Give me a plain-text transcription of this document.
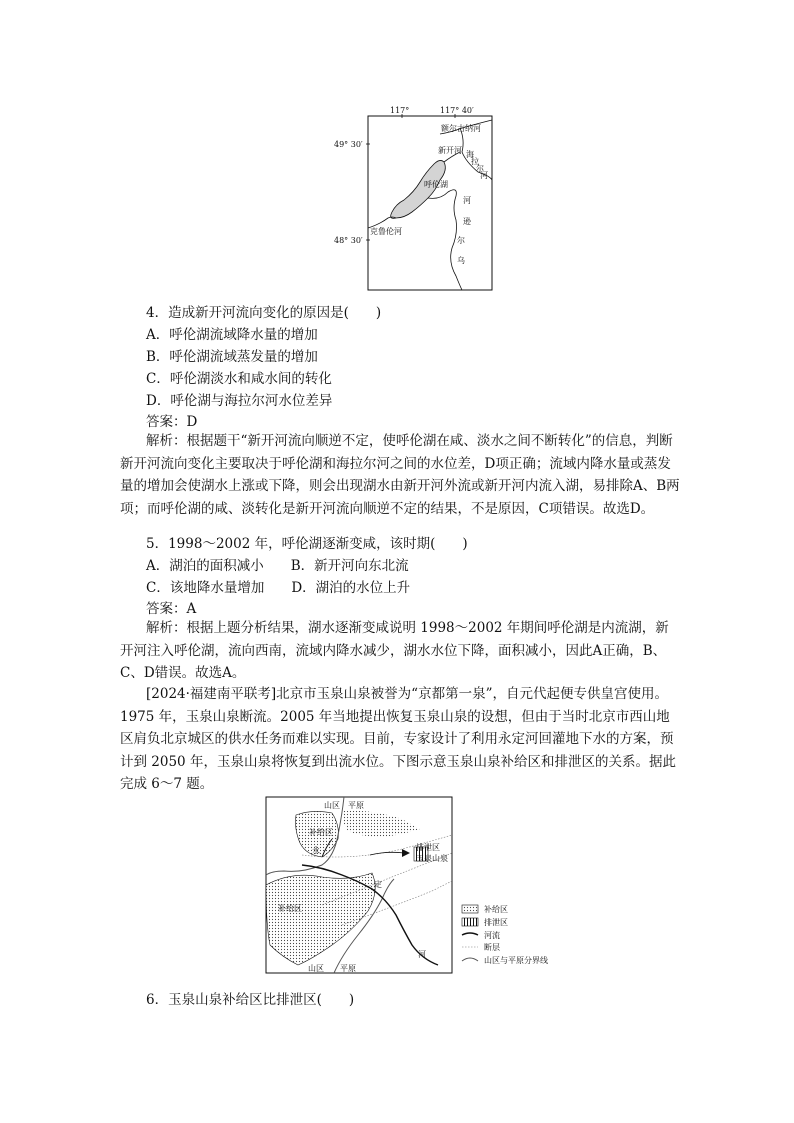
117°	117° 40′
49° 30′
48° 30′
额尔古纳河
新开河 海
拉
尔
河
呼伦湖
克鲁伦河
河
逊
尔
乌
4．造成新开河流向变化的原因是(　　)
A．呼伦湖流域降水量的增加
B．呼伦湖流域蒸发量的增加
C．呼伦湖淡水和咸水间的转化
D．呼伦湖与海拉尔河水位差异
答案：D
解析：根据题干“新开河流向顺逆不定，使呼伦湖在咸、淡水之间不断转化”的信息，判断新开河流向变化主要取决于呼伦湖和海拉尔河之间的水位差，D项正确；流域内降水量或蒸发量的增加会使湖水上涨或下降，则会出现湖水由新开河外流或新开河内流入湖，易排除A、B两项；而呼伦湖的咸、淡转化是新开河流向顺逆不定的结果，不是原因，C项错误。故选D。
5．1998～2002 年，呼伦湖逐渐变咸，该时期(　　)
A．湖泊的面积减小　　B．新开河向东北流
C．该地降水量增加　　D．湖泊的水位上升
答案：A
解析：根据上题分析结果，湖水逐渐变咸说明 1998～2002 年期间呼伦湖是内流湖，新开河注入呼伦湖，流向西南，流域内降水减少，湖水水位下降，面积减小，因此A正确，B、C、D错误。故选A。
[2024·福建南平联考]北京市玉泉山泉被誉为“京都第一泉”，自元代起便专供皇宫使用。1975 年，玉泉山泉断流。2005 年当地提出恢复玉泉山泉的设想，但由于当时北京市西山地区肩负北京城区的供水任务而难以实现。目前，专家设计了利用永定河回灌地下水的方案，预计到 2050 年，玉泉山泉将恢复到出流水位。下图示意玉泉山泉补给区和排泄区的关系。据此完成 6～7 题。
山区 平原
补给区
永	排泄区
玉泉山泉
定
补给区
河
山区 平原
补给区
排泄区
河流
断层
山区与平原分界线
6．玉泉山泉补给区比排泄区(　　)
